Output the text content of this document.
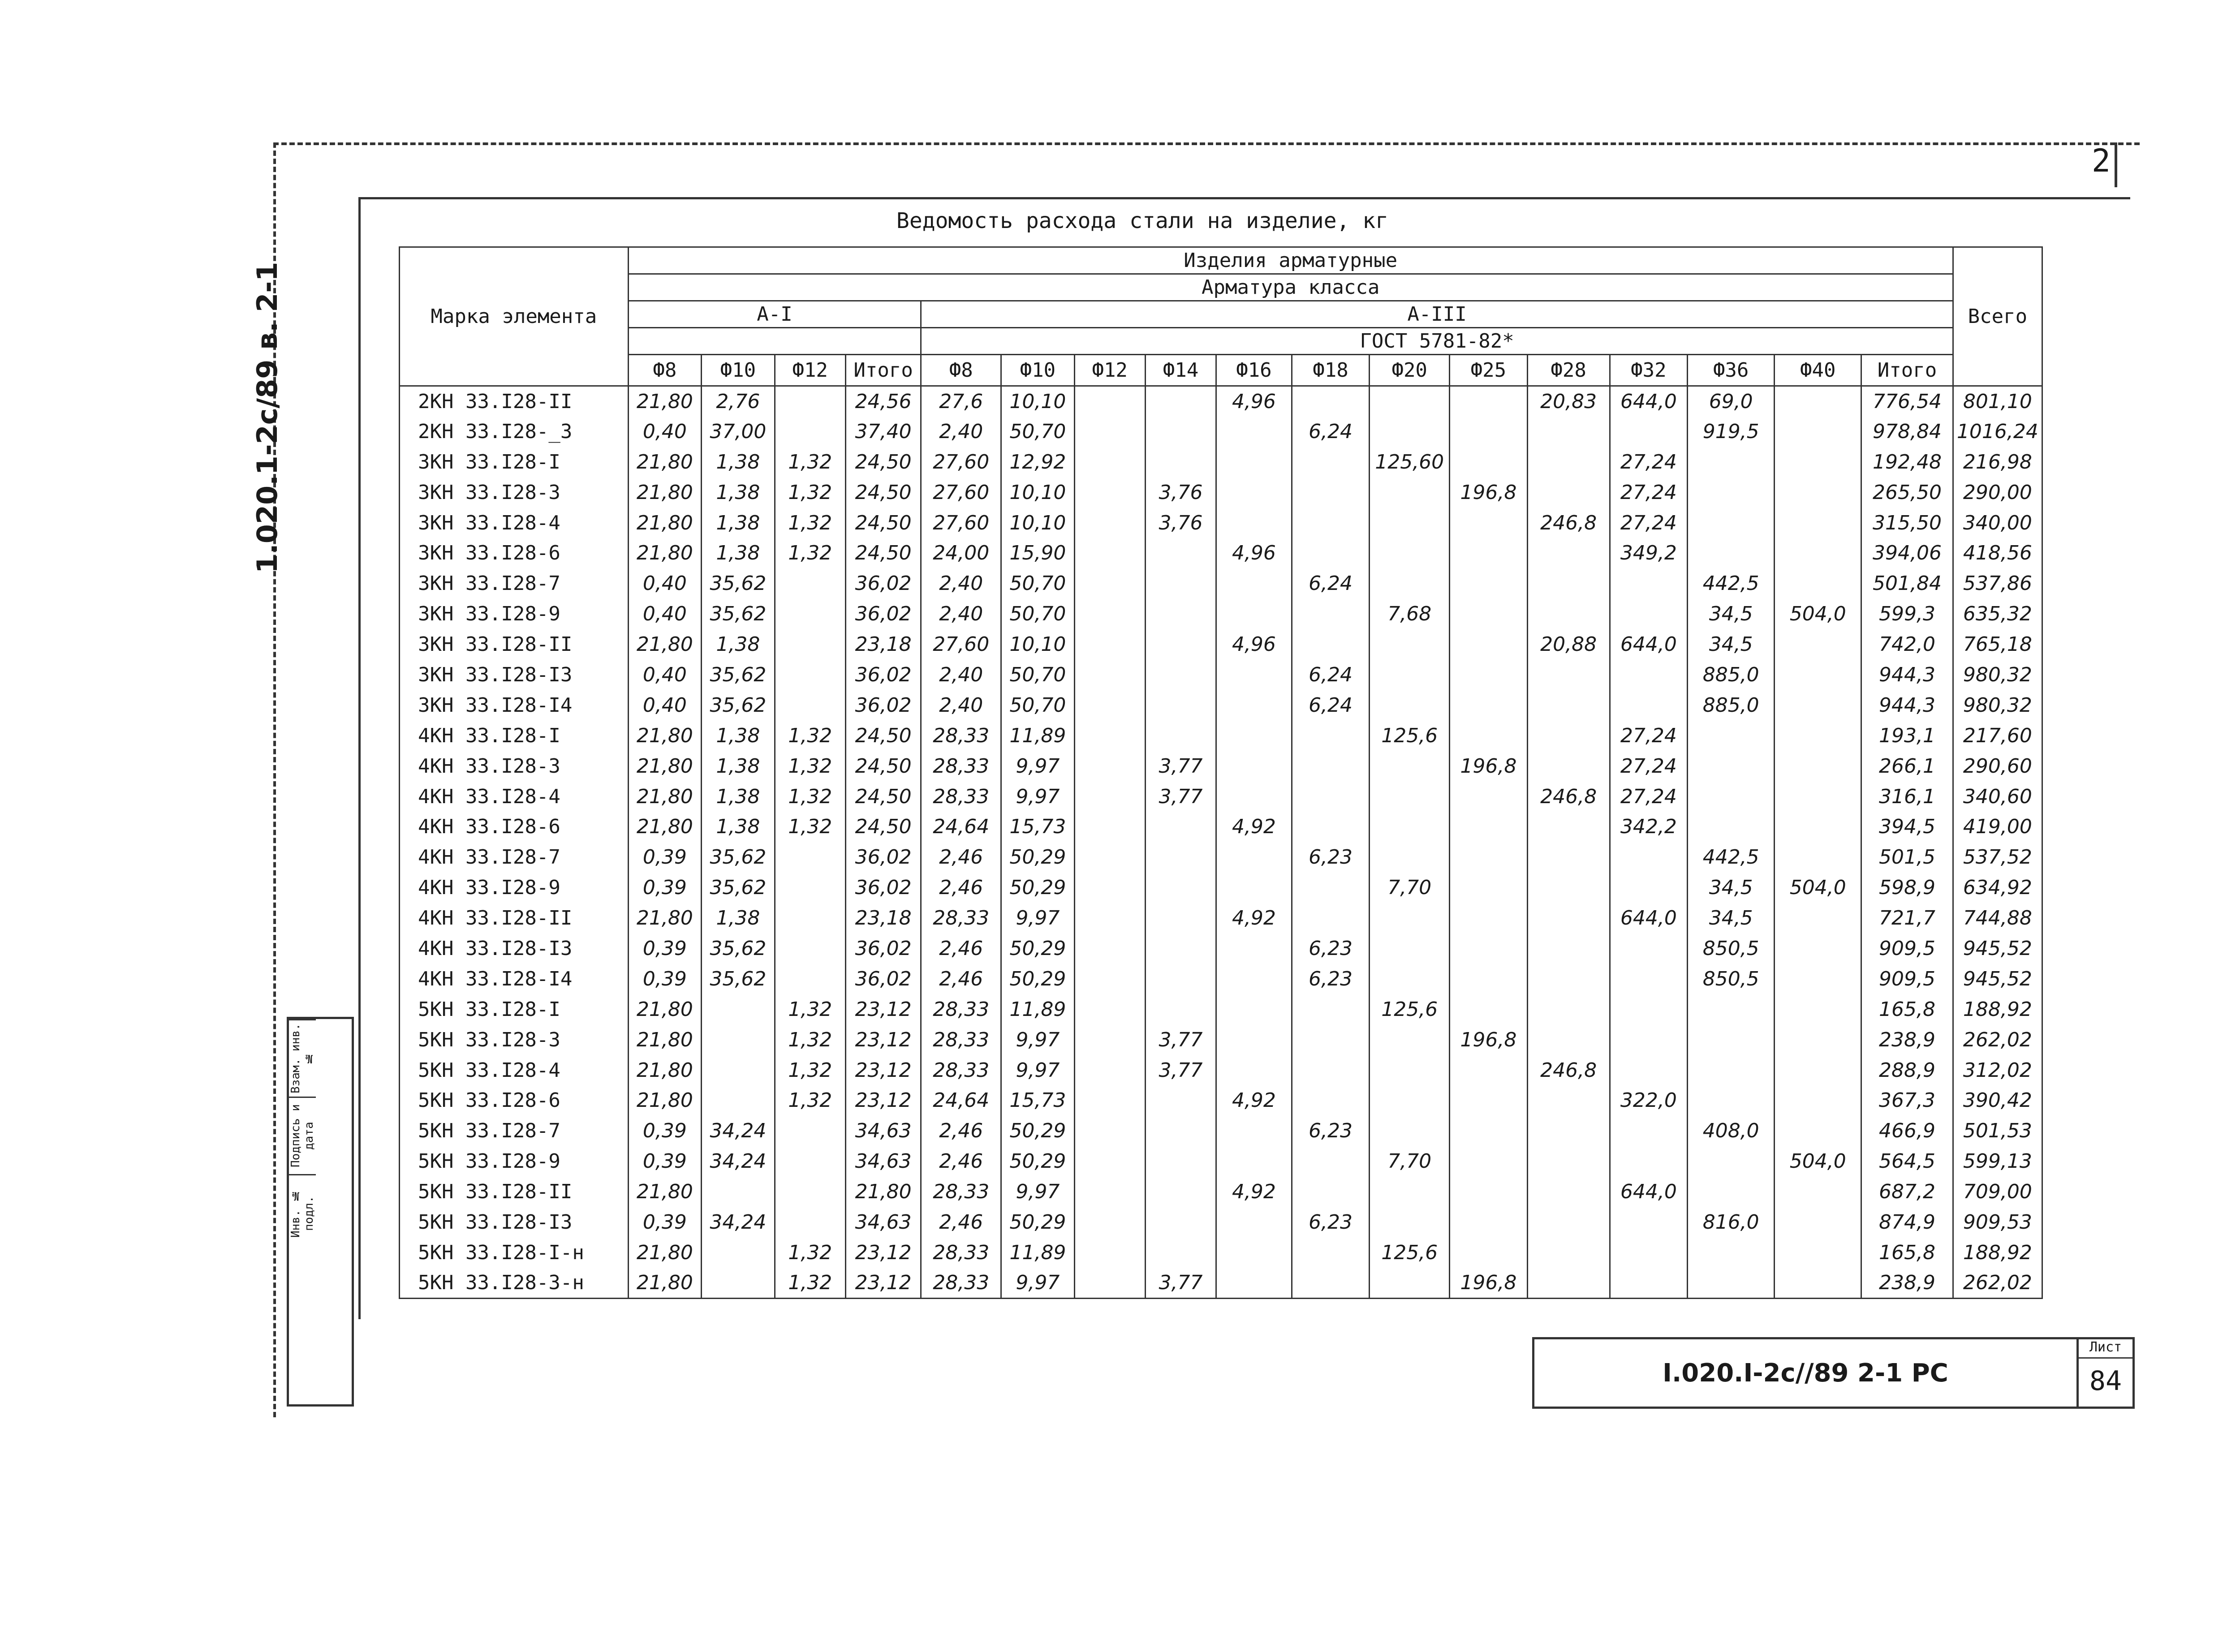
2
1.020.1-2с/89 в. 2-1
Ведомость расхода стали на изделие, кг
Марка элемента	Изделия арматурные																	Всего
	Арматура класса																	
	А-I				А-III													
					ГОСТ 5781-82*													
	Ф8	Ф10	Ф12	Итого	Ф8	Ф10	Ф12	Ф14	Ф16	Ф18	Ф20	Ф25	Ф28	Ф32	Ф36	Ф40	Итого	
2КН 33.I28-II	21,80	2,76		24,56	27,6	10,10			4,96				20,83	644,0	69,0		776,54	801,10
2КН 33.I28-_3	0,40	37,00		37,40	2,40	50,70				6,24					919,5		978,84	1016,24
3КН 33.I28-I	21,80	1,38	1,32	24,50	27,60	12,92					125,60			27,24			192,48	216,98
3КН 33.I28-3	21,80	1,38	1,32	24,50	27,60	10,10		3,76				196,8		27,24			265,50	290,00
3КН 33.I28-4	21,80	1,38	1,32	24,50	27,60	10,10		3,76					246,8	27,24			315,50	340,00
3КН 33.I28-6	21,80	1,38	1,32	24,50	24,00	15,90			4,96					349,2			394,06	418,56
3КН 33.I28-7	0,40	35,62		36,02	2,40	50,70				6,24					442,5		501,84	537,86
3КН 33.I28-9	0,40	35,62		36,02	2,40	50,70					7,68				34,5	504,0	599,3	635,32
3КН 33.I28-II	21,80	1,38		23,18	27,60	10,10			4,96				20,88	644,0	34,5		742,0	765,18
3КН 33.I28-I3	0,40	35,62		36,02	2,40	50,70				6,24					885,0		944,3	980,32
3КН 33.I28-I4	0,40	35,62		36,02	2,40	50,70				6,24					885,0		944,3	980,32
4КН 33.I28-I	21,80	1,38	1,32	24,50	28,33	11,89					125,6			27,24			193,1	217,60
4КН 33.I28-3	21,80	1,38	1,32	24,50	28,33	9,97		3,77				196,8		27,24			266,1	290,60
4КН 33.I28-4	21,80	1,38	1,32	24,50	28,33	9,97		3,77					246,8	27,24			316,1	340,60
4КН 33.I28-6	21,80	1,38	1,32	24,50	24,64	15,73			4,92					342,2			394,5	419,00
4КН 33.I28-7	0,39	35,62		36,02	2,46	50,29				6,23					442,5		501,5	537,52
4КН 33.I28-9	0,39	35,62		36,02	2,46	50,29					7,70				34,5	504,0	598,9	634,92
4КН 33.I28-II	21,80	1,38		23,18	28,33	9,97			4,92					644,0	34,5		721,7	744,88
4КН 33.I28-I3	0,39	35,62		36,02	2,46	50,29				6,23					850,5		909,5	945,52
4КН 33.I28-I4	0,39	35,62		36,02	2,46	50,29				6,23					850,5		909,5	945,52
5КН 33.I28-I	21,80		1,32	23,12	28,33	11,89					125,6						165,8	188,92
5КН 33.I28-3	21,80		1,32	23,12	28,33	9,97		3,77				196,8					238,9	262,02
5КН 33.I28-4	21,80		1,32	23,12	28,33	9,97		3,77					246,8				288,9	312,02
5КН 33.I28-6	21,80		1,32	23,12	24,64	15,73			4,92					322,0			367,3	390,42
5КН 33.I28-7	0,39	34,24		34,63	2,46	50,29				6,23					408,0		466,9	501,53
5КН 33.I28-9	0,39	34,24		34,63	2,46	50,29					7,70					504,0	564,5	599,13
5КН 33.I28-II	21,80			21,80	28,33	9,97			4,92					644,0			687,2	709,00
5КН 33.I28-I3	0,39	34,24		34,63	2,46	50,29				6,23					816,0		874,9	909,53
5КН 33.I28-I-н	21,80		1,32	23,12	28,33	11,89					125,6						165,8	188,92
5КН 33.I28-3-н	21,80		1,32	23,12	28,33	9,97		3,77				196,8					238,9	262,02
Взам. инв. №
Подпись и дата
Инв. № подл.
I.020.I-2с//89 2-1 РС
Лист
84
